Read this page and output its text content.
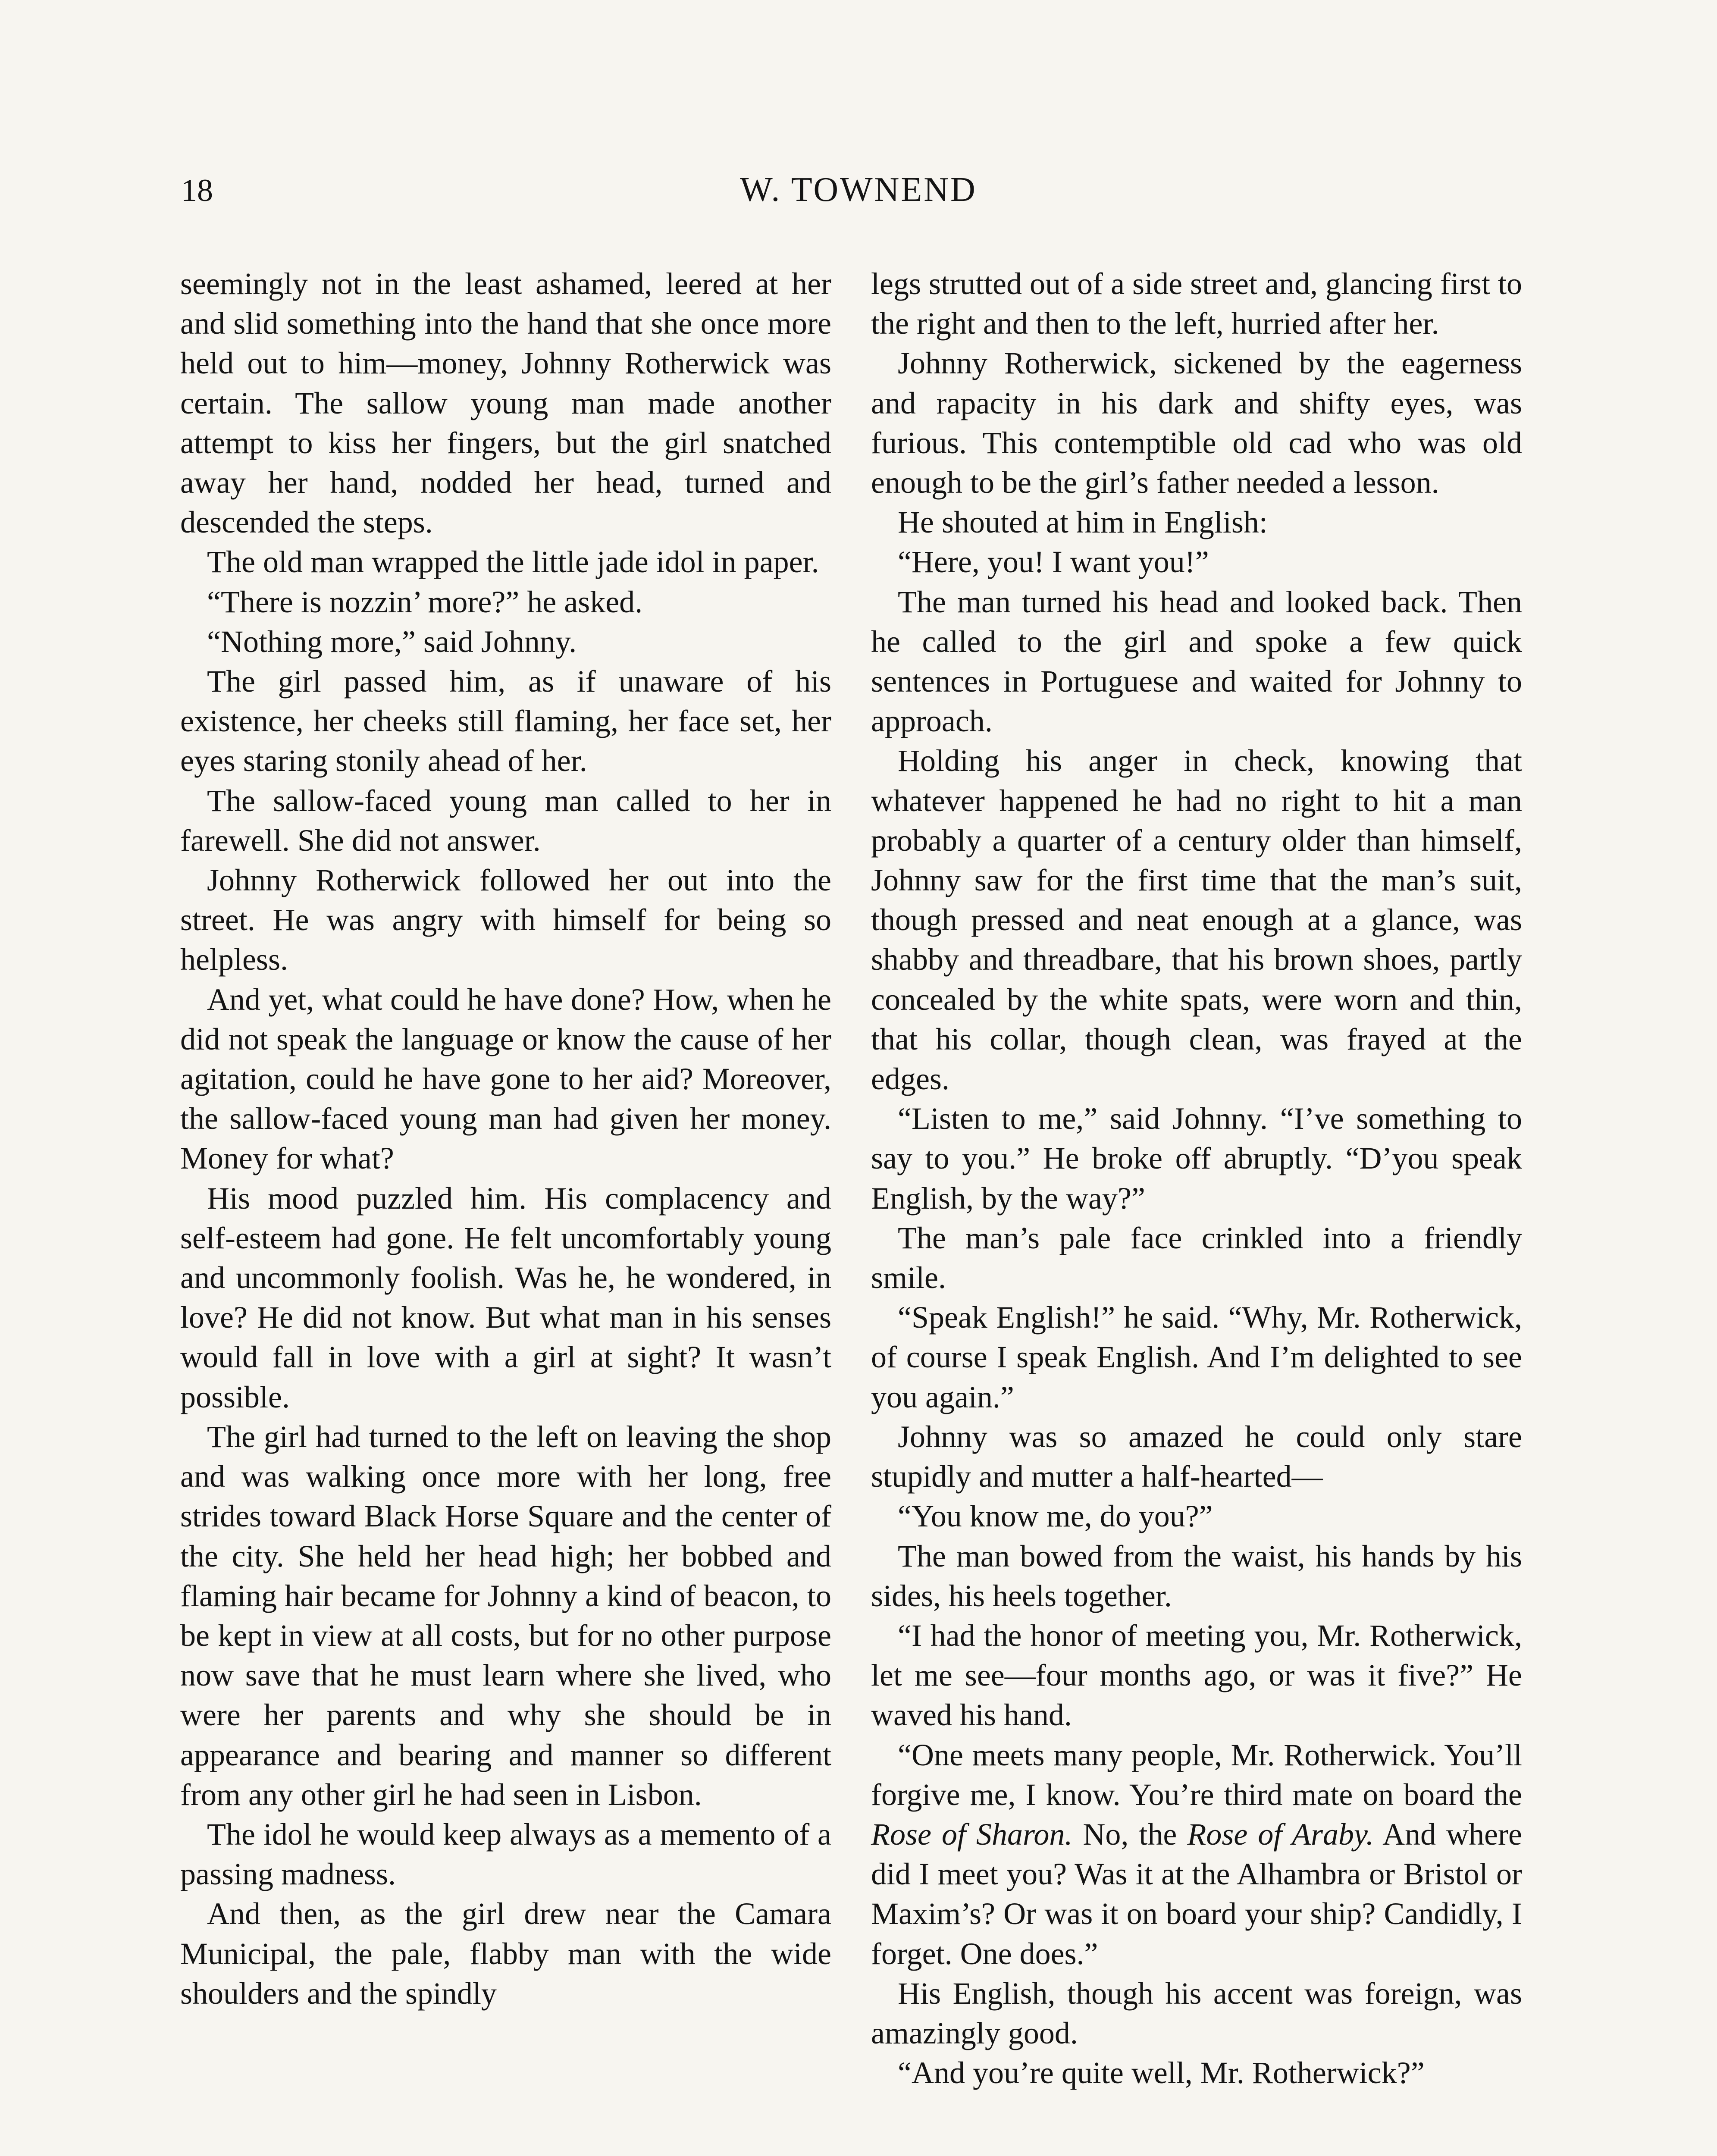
18	W. TOWNEND

seemingly not in the least ashamed, leered at her and slid something into the hand that she once more held out to him—money, Johnny Rotherwick was certain. The sallow young man made another attempt to kiss her fingers, but the girl snatched away her hand, nodded her head, turned and descended the steps.

The old man wrapped the little jade idol in paper.

“There is nozzin’ more?” he asked.

“Nothing more,” said Johnny.

The girl passed him, as if unaware of his existence, her cheeks still flaming, her face set, her eyes staring stonily ahead of her.

The sallow-faced young man called to her in farewell. She did not answer.

Johnny Rotherwick followed her out into the street. He was angry with himself for being so helpless.

And yet, what could he have done? How, when he did not speak the language or know the cause of her agitation, could he have gone to her aid? Moreover, the sallow-faced young man had given her money. Money for what?

His mood puzzled him. His complacency and self-esteem had gone. He felt uncomfortably young and uncommonly foolish. Was he, he wondered, in love? He did not know. But what man in his senses would fall in love with a girl at sight? It wasn’t possible.

The girl had turned to the left on leaving the shop and was walking once more with her long, free strides toward Black Horse Square and the center of the city. She held her head high; her bobbed and flaming hair became for Johnny a kind of beacon, to be kept in view at all costs, but for no other purpose now save that he must learn where she lived, who were her parents and why she should be in appearance and bearing and manner so different from any other girl he had seen in Lisbon.

The idol he would keep always as a memento of a passing madness.

And then, as the girl drew near the Camara Municipal, the pale, flabby man with the wide shoulders and the spindly

legs strutted out of a side street and, glancing first to the right and then to the left, hurried after her.

Johnny Rotherwick, sickened by the eagerness and rapacity in his dark and shifty eyes, was furious. This contemptible old cad who was old enough to be the girl’s father needed a lesson.

He shouted at him in English:

“Here, you! I want you!”

The man turned his head and looked back. Then he called to the girl and spoke a few quick sentences in Portuguese and waited for Johnny to approach.

Holding his anger in check, knowing that whatever happened he had no right to hit a man probably a quarter of a century older than himself, Johnny saw for the first time that the man’s suit, though pressed and neat enough at a glance, was shabby and threadbare, that his brown shoes, partly concealed by the white spats, were worn and thin, that his collar, though clean, was frayed at the edges.

“Listen to me,” said Johnny. “I’ve something to say to you.” He broke off abruptly. “D’you speak English, by the way?”

The man’s pale face crinkled into a friendly smile.

“Speak English!” he said. “Why, Mr. Rotherwick, of course I speak English. And I’m delighted to see you again.”

Johnny was so amazed he could only stare stupidly and mutter a half-hearted—

“You know me, do you?”

The man bowed from the waist, his hands by his sides, his heels together.

“I had the honor of meeting you, Mr. Rotherwick, let me see—four months ago, or was it five?” He waved his hand.

“One meets many people, Mr. Rotherwick. You’ll forgive me, I know. You’re third mate on board the Rose of Sharon. No, the Rose of Araby. And where did I meet you? Was it at the Alhambra or Bristol or Maxim’s? Or was it on board your ship? Candidly, I forget. One does.”

His English, though his accent was foreign, was amazingly good.

“And you’re quite well, Mr. Rotherwick?”
